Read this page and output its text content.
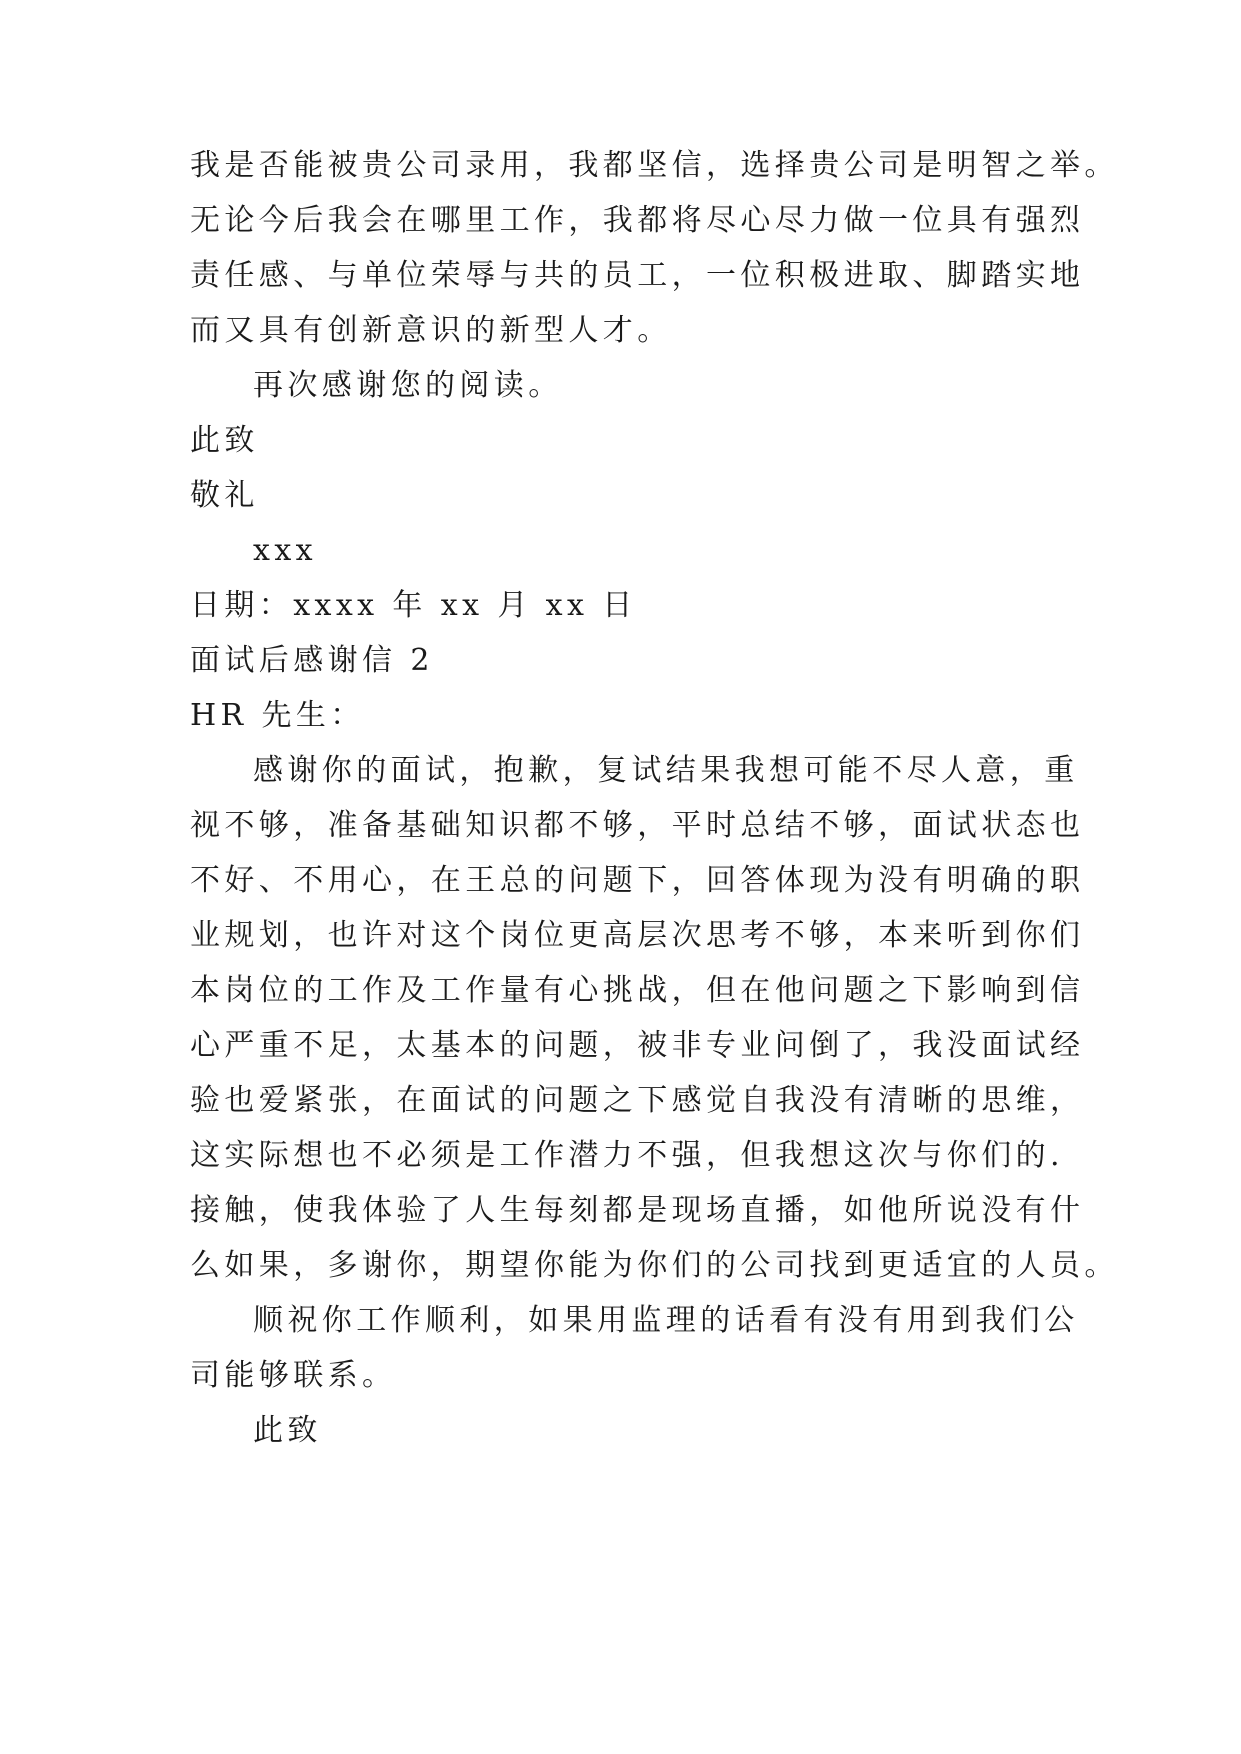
我是否能被贵公司录用，我都坚信，选择贵公司是明智之举。
无论今后我会在哪里工作，我都将尽心尽力做一位具有强烈
责任感、与单位荣辱与共的员工，一位积极进取、脚踏实地
而又具有创新意识的新型人才。
再次感谢您的阅读。
此致
敬礼
xxx
日期：xxxx 年 xx 月 xx 日
面试后感谢信 2
HR 先生：
感谢你的面试，抱歉，复试结果我想可能不尽人意，重
视不够，准备基础知识都不够，平时总结不够，面试状态也
不好、不用心，在王总的问题下，回答体现为没有明确的职
业规划，也许对这个岗位更高层次思考不够，本来听到你们
本岗位的工作及工作量有心挑战，但在他问题之下影响到信
心严重不足，太基本的问题，被非专业问倒了，我没面试经
验也爱紧张，在面试的问题之下感觉自我没有清晰的思维，
这实际想也不必须是工作潜力不强，但我想这次与你们的.
接触，使我体验了人生每刻都是现场直播，如他所说没有什
么如果，多谢你，期望你能为你们的公司找到更适宜的人员。
顺祝你工作顺利，如果用监理的话看有没有用到我们公
司能够联系。
此致
